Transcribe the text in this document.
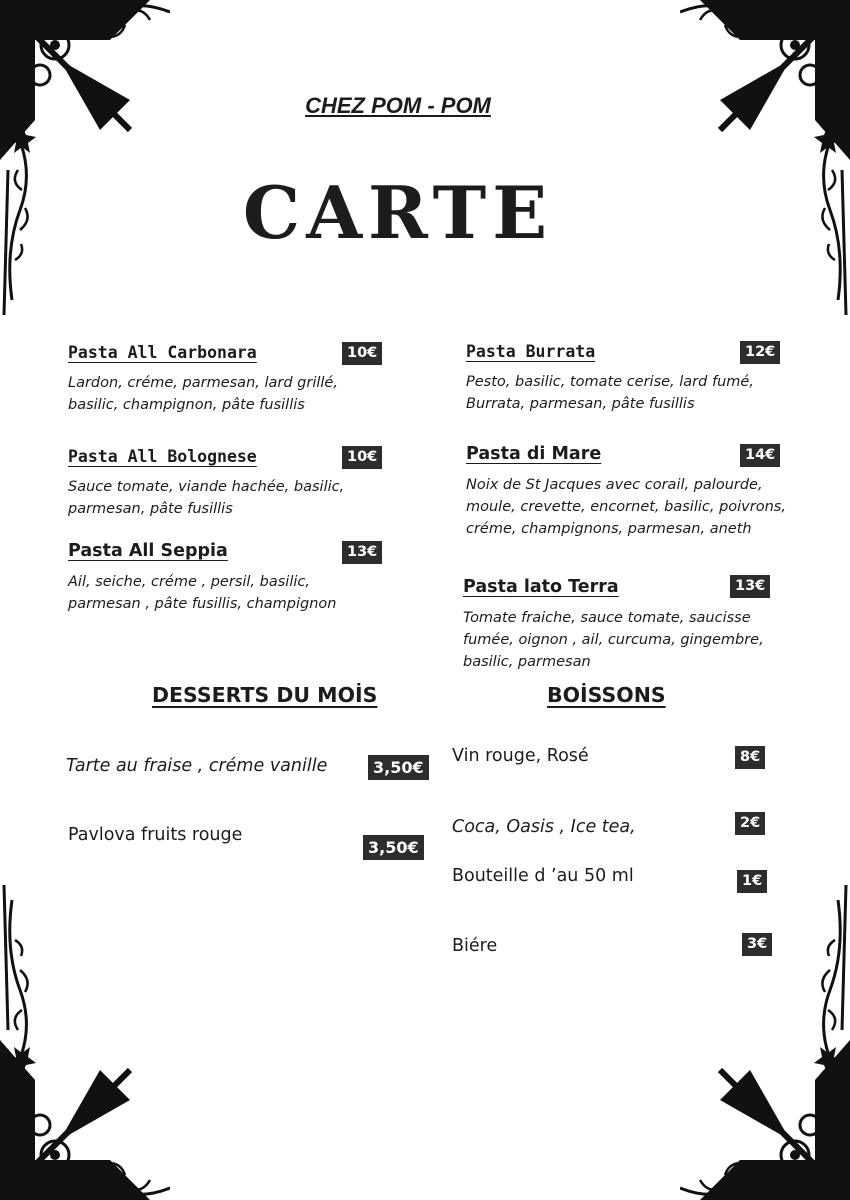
CHEZ POM - POM
CARTE
Pasta All Carbonara
Lardon, créme, parmesan, lard grillé, basilic, champignon, pâte fusillis
10€
Pasta All Bolognese
Sauce tomate, viande hachée, basilic, parmesan, pâte fusillis
10€
Pasta All Seppia
Ail, seiche, créme , persil, basilic, parmesan , pâte fusillis, champignon
13€
Pasta Burrata
Pesto, basilic, tomate cerise, lard fumé, Burrata, parmesan, pâte fusillis
12€
Pasta di Mare
Noix de St Jacques avec corail, palourde, moule, crevette, encornet, basilic, poivrons, créme, champignons, parmesan, aneth
14€
Pasta lato Terra
Tomate fraiche, sauce tomate, saucisse fumée, oignon , ail, curcuma, gingembre, basilic, parmesan
13€
DESSERTS DU MOİS	BOİSSONS
Tarte au fraise , créme vanille	3,50€
Pavlova fruits rouge
3,50€
Vin rouge, Rosé	8€
Coca, Oasis , Ice tea,	2€
Bouteille d ’au 50 ml	1€
Biére	3€
